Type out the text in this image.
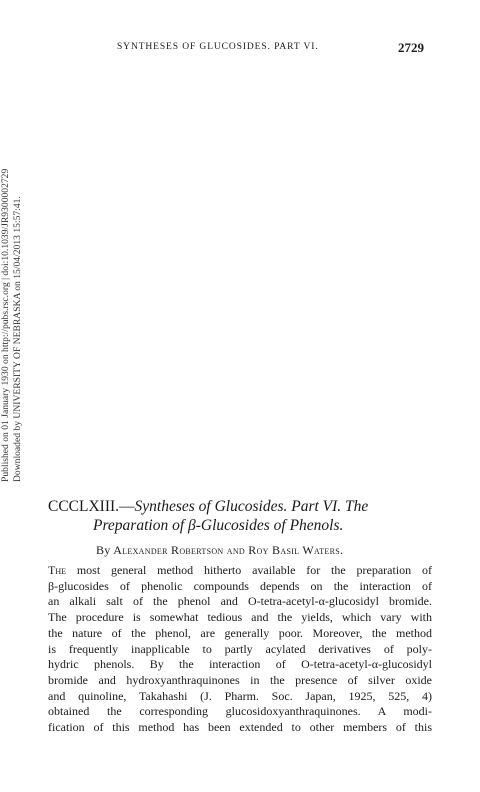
SYNTHESES OF GLUCOSIDES. PART VI.	2729
Published on 01 January 1930 on http://pubs.rsc.org | doi:10.1039/JR9300002729 Downloaded by UNIVERSITY OF NEBRASKA on 15/04/2013 15:57:41.
CCCLXIII.—Syntheses of Glucosides. Part VI. The
Preparation of β-Glucosides of Phenols.
By Alexander Robertson and Roy Basil Waters.
The most general method hitherto available for the preparation of
β-glucosides of phenolic compounds depends on the interaction of
an alkali salt of the phenol and O-tetra-acetyl-α-glucosidyl bromide.
The procedure is somewhat tedious and the yields, which vary with
the nature of the phenol, are generally poor. Moreover, the method
is frequently inapplicable to partly acylated derivatives of poly-
hydric phenols. By the interaction of O-tetra-acetyl-α-glucosidyl
bromide and hydroxyanthraquinones in the presence of silver oxide
and quinoline, Takahashi (J. Pharm. Soc. Japan, 1925, 525, 4)
obtained the corresponding glucosidoxyanthraquinones. A modi-
fication of this method has been extended to other members of this
